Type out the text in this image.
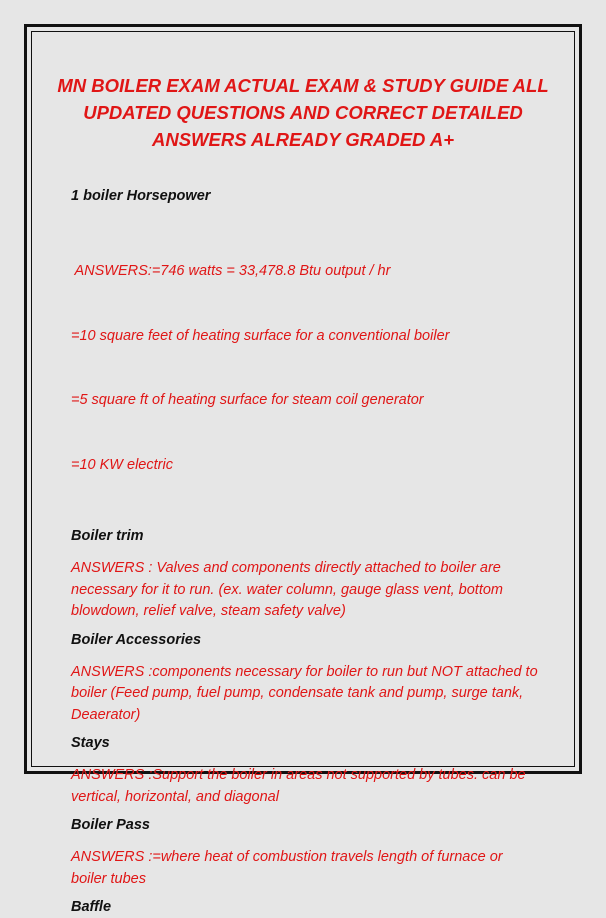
MN BOILER EXAM ACTUAL EXAM & STUDY GUIDE ALL
UPDATED QUESTIONS AND CORRECT DETAILED
ANSWERS ALREADY GRADED A+

1 boiler Horsepower

ANSWERS:=746 watts = 33,478.8 Btu output / hr

=10 square feet of heating surface for a conventional boiler

=5 square ft of heating surface for steam coil generator

=10 KW electric

Boiler trim

ANSWERS : Valves and components directly attached to boiler are
necessary for it to run. (ex. water column, gauge glass vent, bottom
blowdown, relief valve, steam safety valve)

Boiler Accessories

ANSWERS :components necessary for boiler to run but NOT attached to
boiler (Feed pump, fuel pump, condensate tank and pump, surge tank,
Deaerator)

Stays

ANSWERS :Support the boiler in areas not supported by tubes. can be
vertical, horizontal, and diagonal

Boiler Pass

ANSWERS :=where heat of combustion travels length of furnace or
boiler tubes

Baffle
